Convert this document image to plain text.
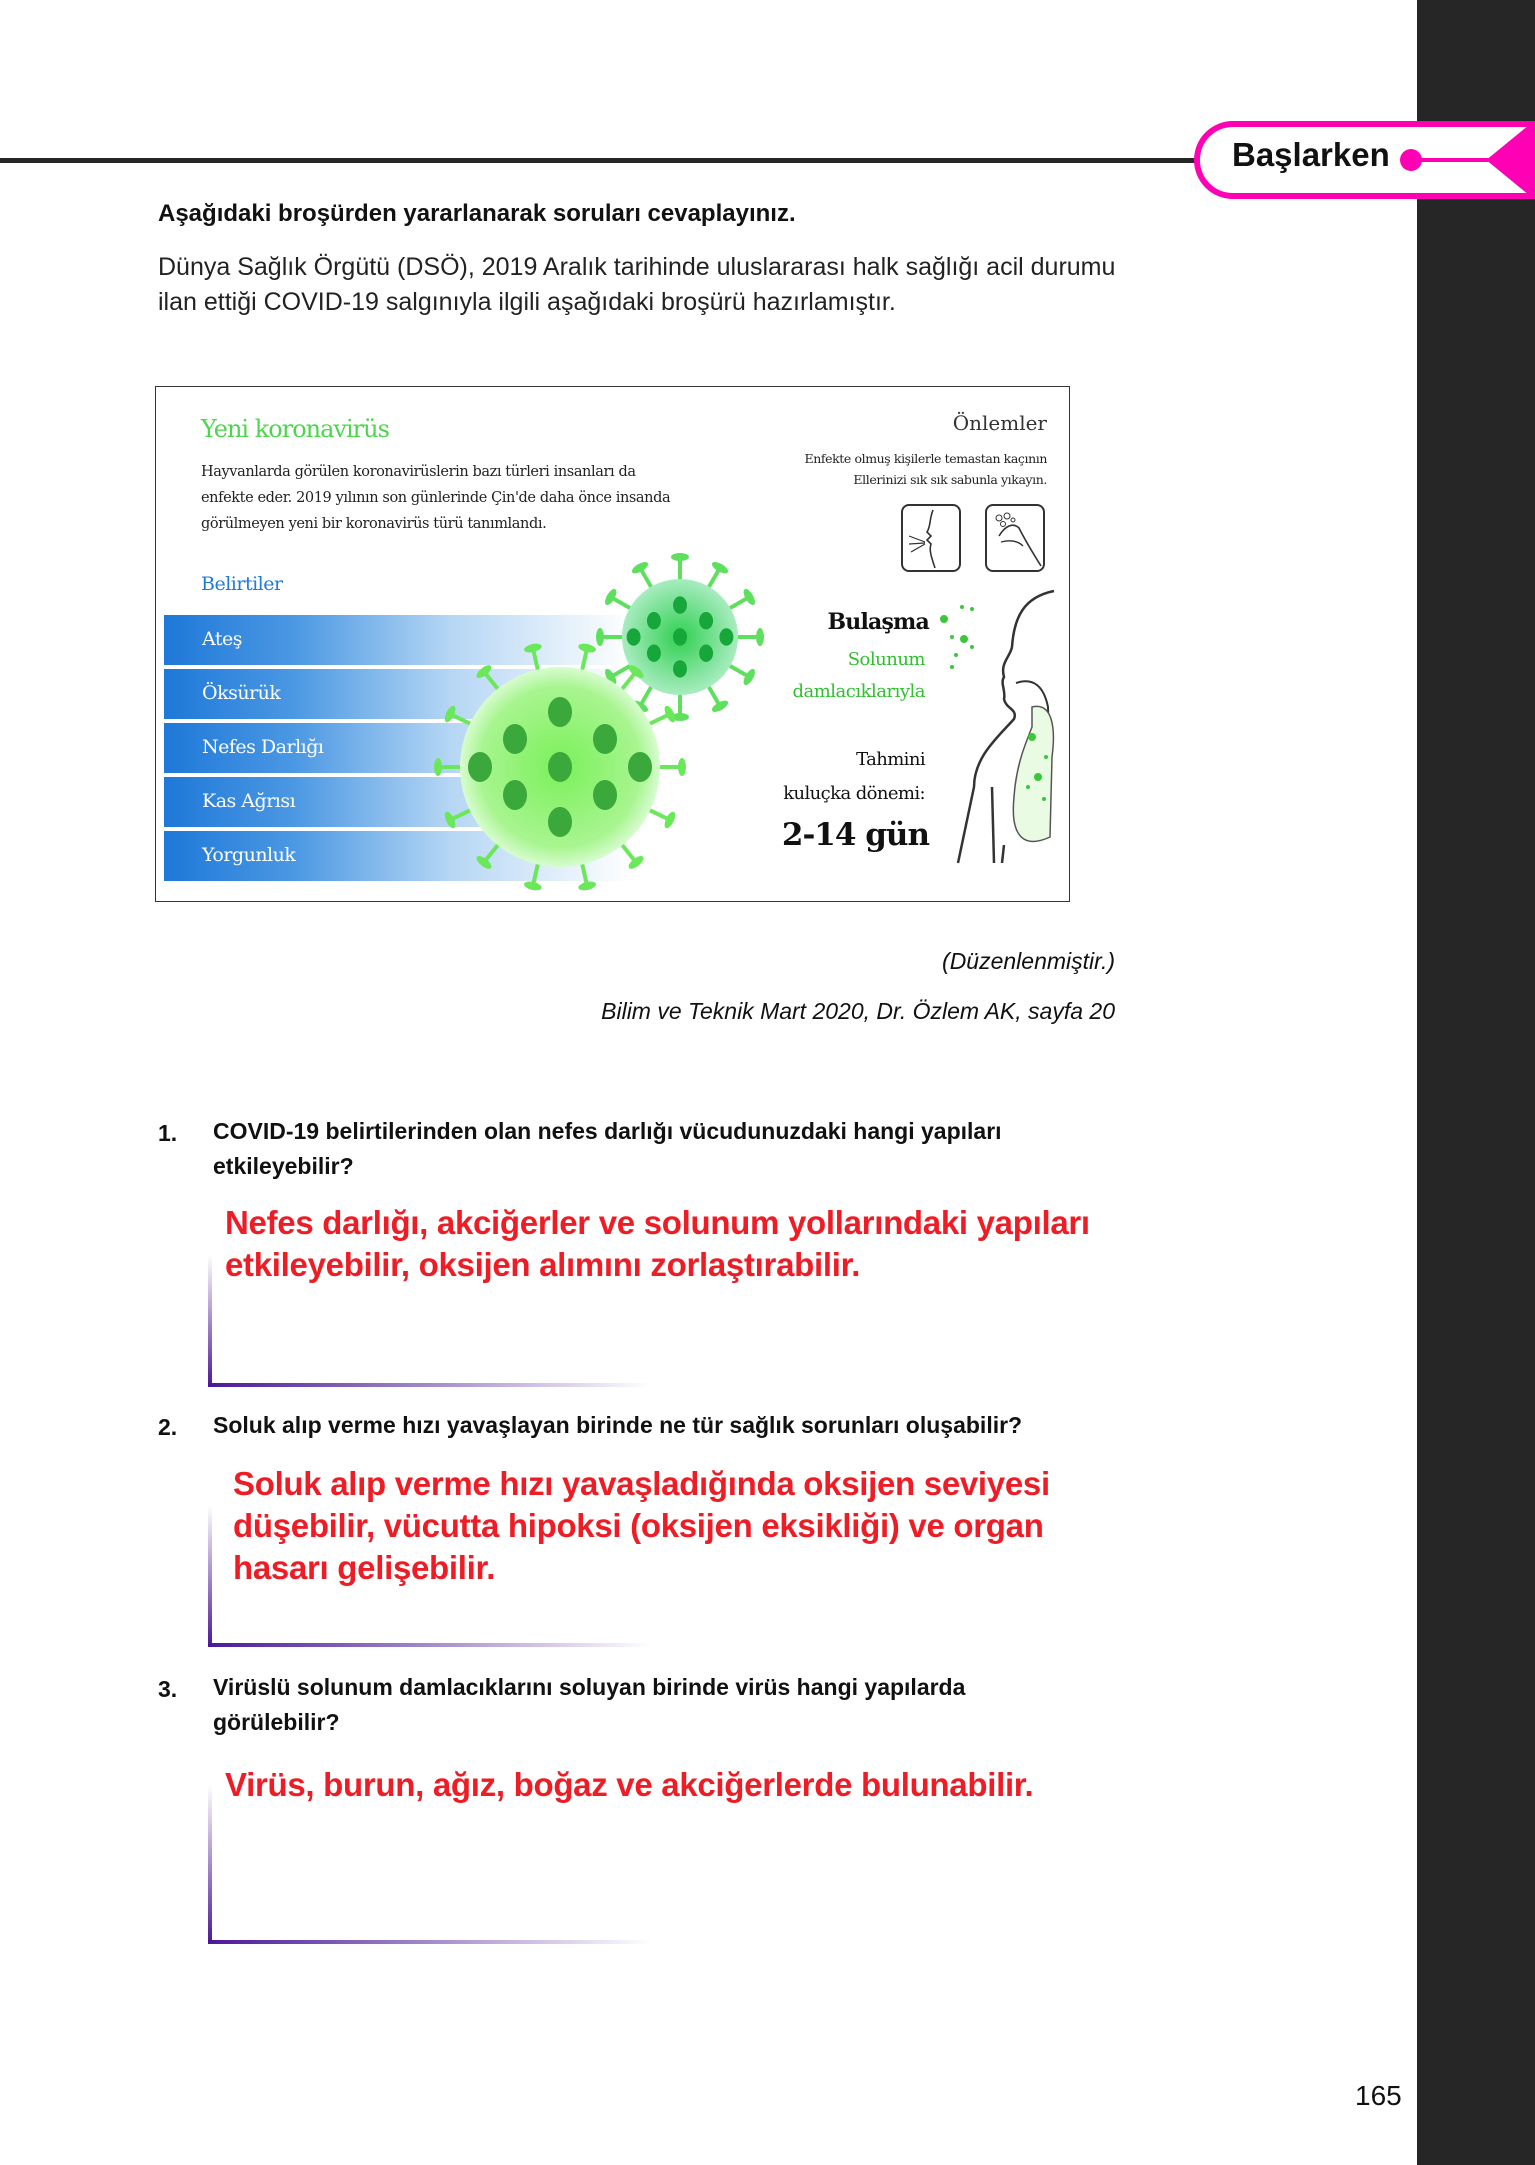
Başlarken
Aşağıdaki broşürden yararlanarak soruları cevaplayınız.
Dünya Sağlık Örgütü (DSÖ), 2019 Aralık tarihinde uluslararası halk sağlığı acil durumu ilan ettiği COVID-19 salgınıyla ilgili aşağıdaki broşürü hazırlamıştır.
Yeni koronavirüs
Hayvanlarda görülen koronavirüslerin bazı türleri insanları da
enfekte eder. 2019 yılının son günlerinde Çin'de daha önce insanda
görülmeyen yeni bir koronavirüs türü tanımlandı.
Belirtiler
Ateş
Öksürük
Nefes Darlığı
Kas Ağrısı
Yorgunluk
Önlemler
Enfekte olmuş kişilerle temastan kaçının
Ellerinizi sık sık sabunla yıkayın.
Bulaşma
Solunum
damlacıklarıyla
Tahmini
kuluçka dönemi:
2-14 gün
(Düzenlenmiştir.)
Bilim ve Teknik Mart 2020, Dr. Özlem AK, sayfa 20
1. COVID-19 belirtilerinden olan nefes darlığı vücudunuzdaki hangi yapıları etkileyebilir?
Nefes darlığı, akciğerler ve solunum yollarındaki yapıları etkileyebilir, oksijen alımını zorlaştırabilir.
2. Soluk alıp verme hızı yavaşlayan birinde ne tür sağlık sorunları oluşabilir?
Soluk alıp verme hızı yavaşladığında oksijen seviyesi düşebilir, vücutta hipoksi (oksijen eksikliği) ve organ hasarı gelişebilir.
3. Virüslü solunum damlacıklarını soluyan birinde virüs hangi yapılarda görülebilir?
Virüs, burun, ağız, boğaz ve akciğerlerde bulunabilir.
165
